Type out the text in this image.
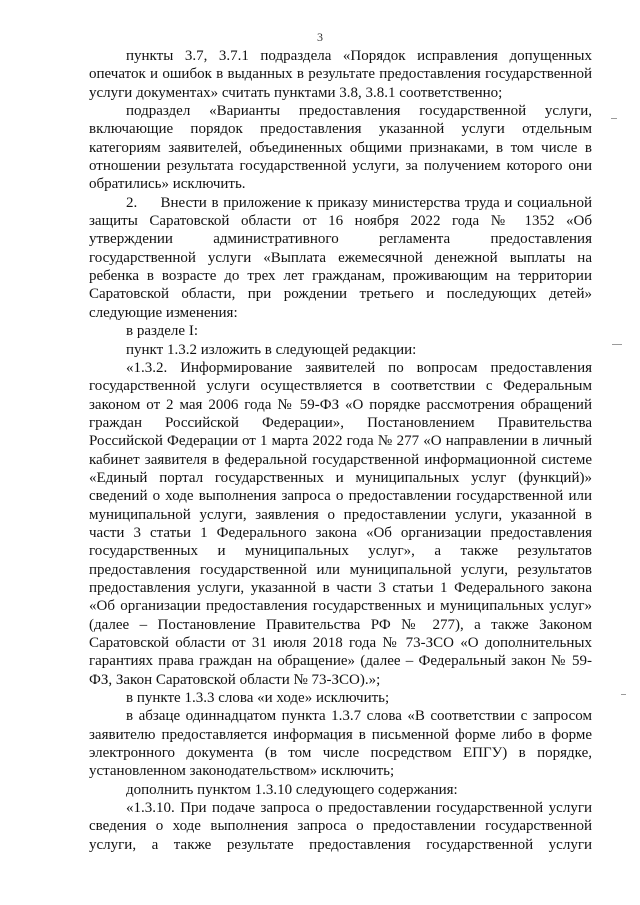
3

пункты 3.7, 3.7.1 подраздела «Порядок исправления допущенных опечаток и ошибок в выданных в результате предоставления государственной услуги документах» считать пунктами 3.8, 3.8.1 соответственно;

подраздел «Варианты предоставления государственной услуги, включающие порядок предоставления указанной услуги отдельным категориям заявителей, объединенных общими признаками, в том числе в отношении результата государственной услуги, за получением которого они обратились» исключить.

2.     Внести в приложение к приказу министерства труда и социальной защиты Саратовской области от 16 ноября 2022 года № 1352 «Об утверждении административного регламента предоставления государственной услуги «Выплата ежемесячной денежной выплаты на ребенка в возрасте до трех лет гражданам, проживающим на территории Саратовской области, при рождении третьего и последующих детей» следующие изменения:

в разделе I:

пункт 1.3.2 изложить в следующей редакции:

«1.3.2. Информирование заявителей по вопросам предоставления государственной услуги осуществляется в соответствии с Федеральным законом от 2 мая 2006 года № 59-ФЗ «О порядке рассмотрения обращений граждан Российской Федерации», Постановлением Правительства Российской Федерации от 1 марта 2022 года № 277 «О направлении в личный кабинет заявителя в федеральной государственной информационной системе «Единый портал государственных и муниципальных услуг (функций)» сведений о ходе выполнения запроса о предоставлении государственной или муниципальной услуги, заявления о предоставлении услуги, указанной в части 3 статьи 1 Федерального закона «Об организации предоставления государственных и муниципальных услуг», а также результатов предоставления государственной или муниципальной услуги, результатов предоставления услуги, указанной в части 3 статьи 1 Федерального закона «Об организации предоставления государственных и муниципальных услуг» (далее – Постановление Правительства РФ № 277), а также Законом Саратовской области от 31 июля 2018 года № 73-ЗСО «О дополнительных гарантиях права граждан на обращение» (далее – Федеральный закон № 59-ФЗ, Закон Саратовской области № 73-ЗСО).»;

в пункте 1.3.3 слова «и ходе» исключить;

в абзаце одиннадцатом пункта 1.3.7 слова «В соответствии с запросом заявителю предоставляется информация в письменной форме либо в форме электронного документа (в том числе посредством ЕПГУ) в порядке, установленном законодательством» исключить;

дополнить пунктом 1.3.10 следующего содержания:

«1.3.10. При подаче запроса о предоставлении государственной услуги сведения о ходе выполнения запроса о предоставлении государственной услуги, а также результате предоставления государственной услуги
